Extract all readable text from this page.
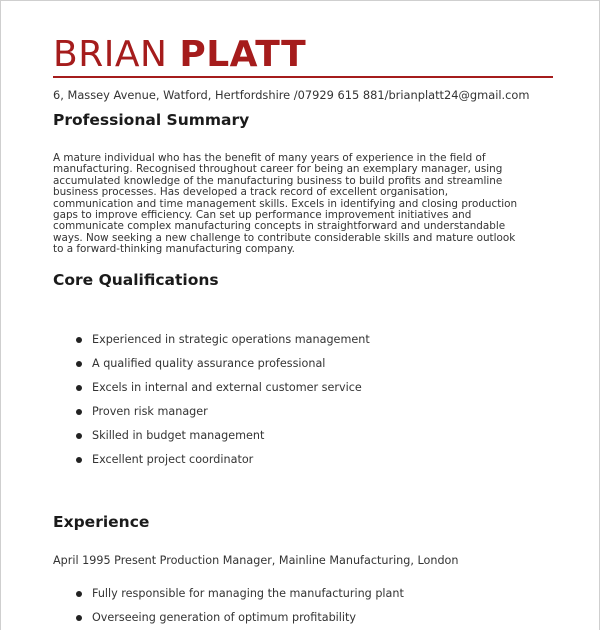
BRIAN PLATT
6, Massey Avenue, Watford, Hertfordshire /07929 615 881/brianplatt24@gmail.com
Professional Summary
A mature individual who has the benefit of many years of experience in the field of manufacturing. Recognised throughout career for being an exemplary manager, using accumulated knowledge of the manufacturing business to build profits and streamline business processes. Has developed a track record of excellent organisation, communication and time management skills. Excels in identifying and closing production gaps to improve efficiency. Can set up performance improvement initiatives and communicate complex manufacturing concepts in straightforward and understandable ways. Now seeking a new challenge to contribute considerable skills and mature outlook to a forward-thinking manufacturing company.
Core Qualifications
Experienced in strategic operations management
A qualified quality assurance professional
Excels in internal and external customer service
Proven risk manager
Skilled in budget management
Excellent project coordinator
Experience
April 1995 Present Production Manager, Mainline Manufacturing, London
Fully responsible for managing the manufacturing plant
Overseeing generation of optimum profitability
